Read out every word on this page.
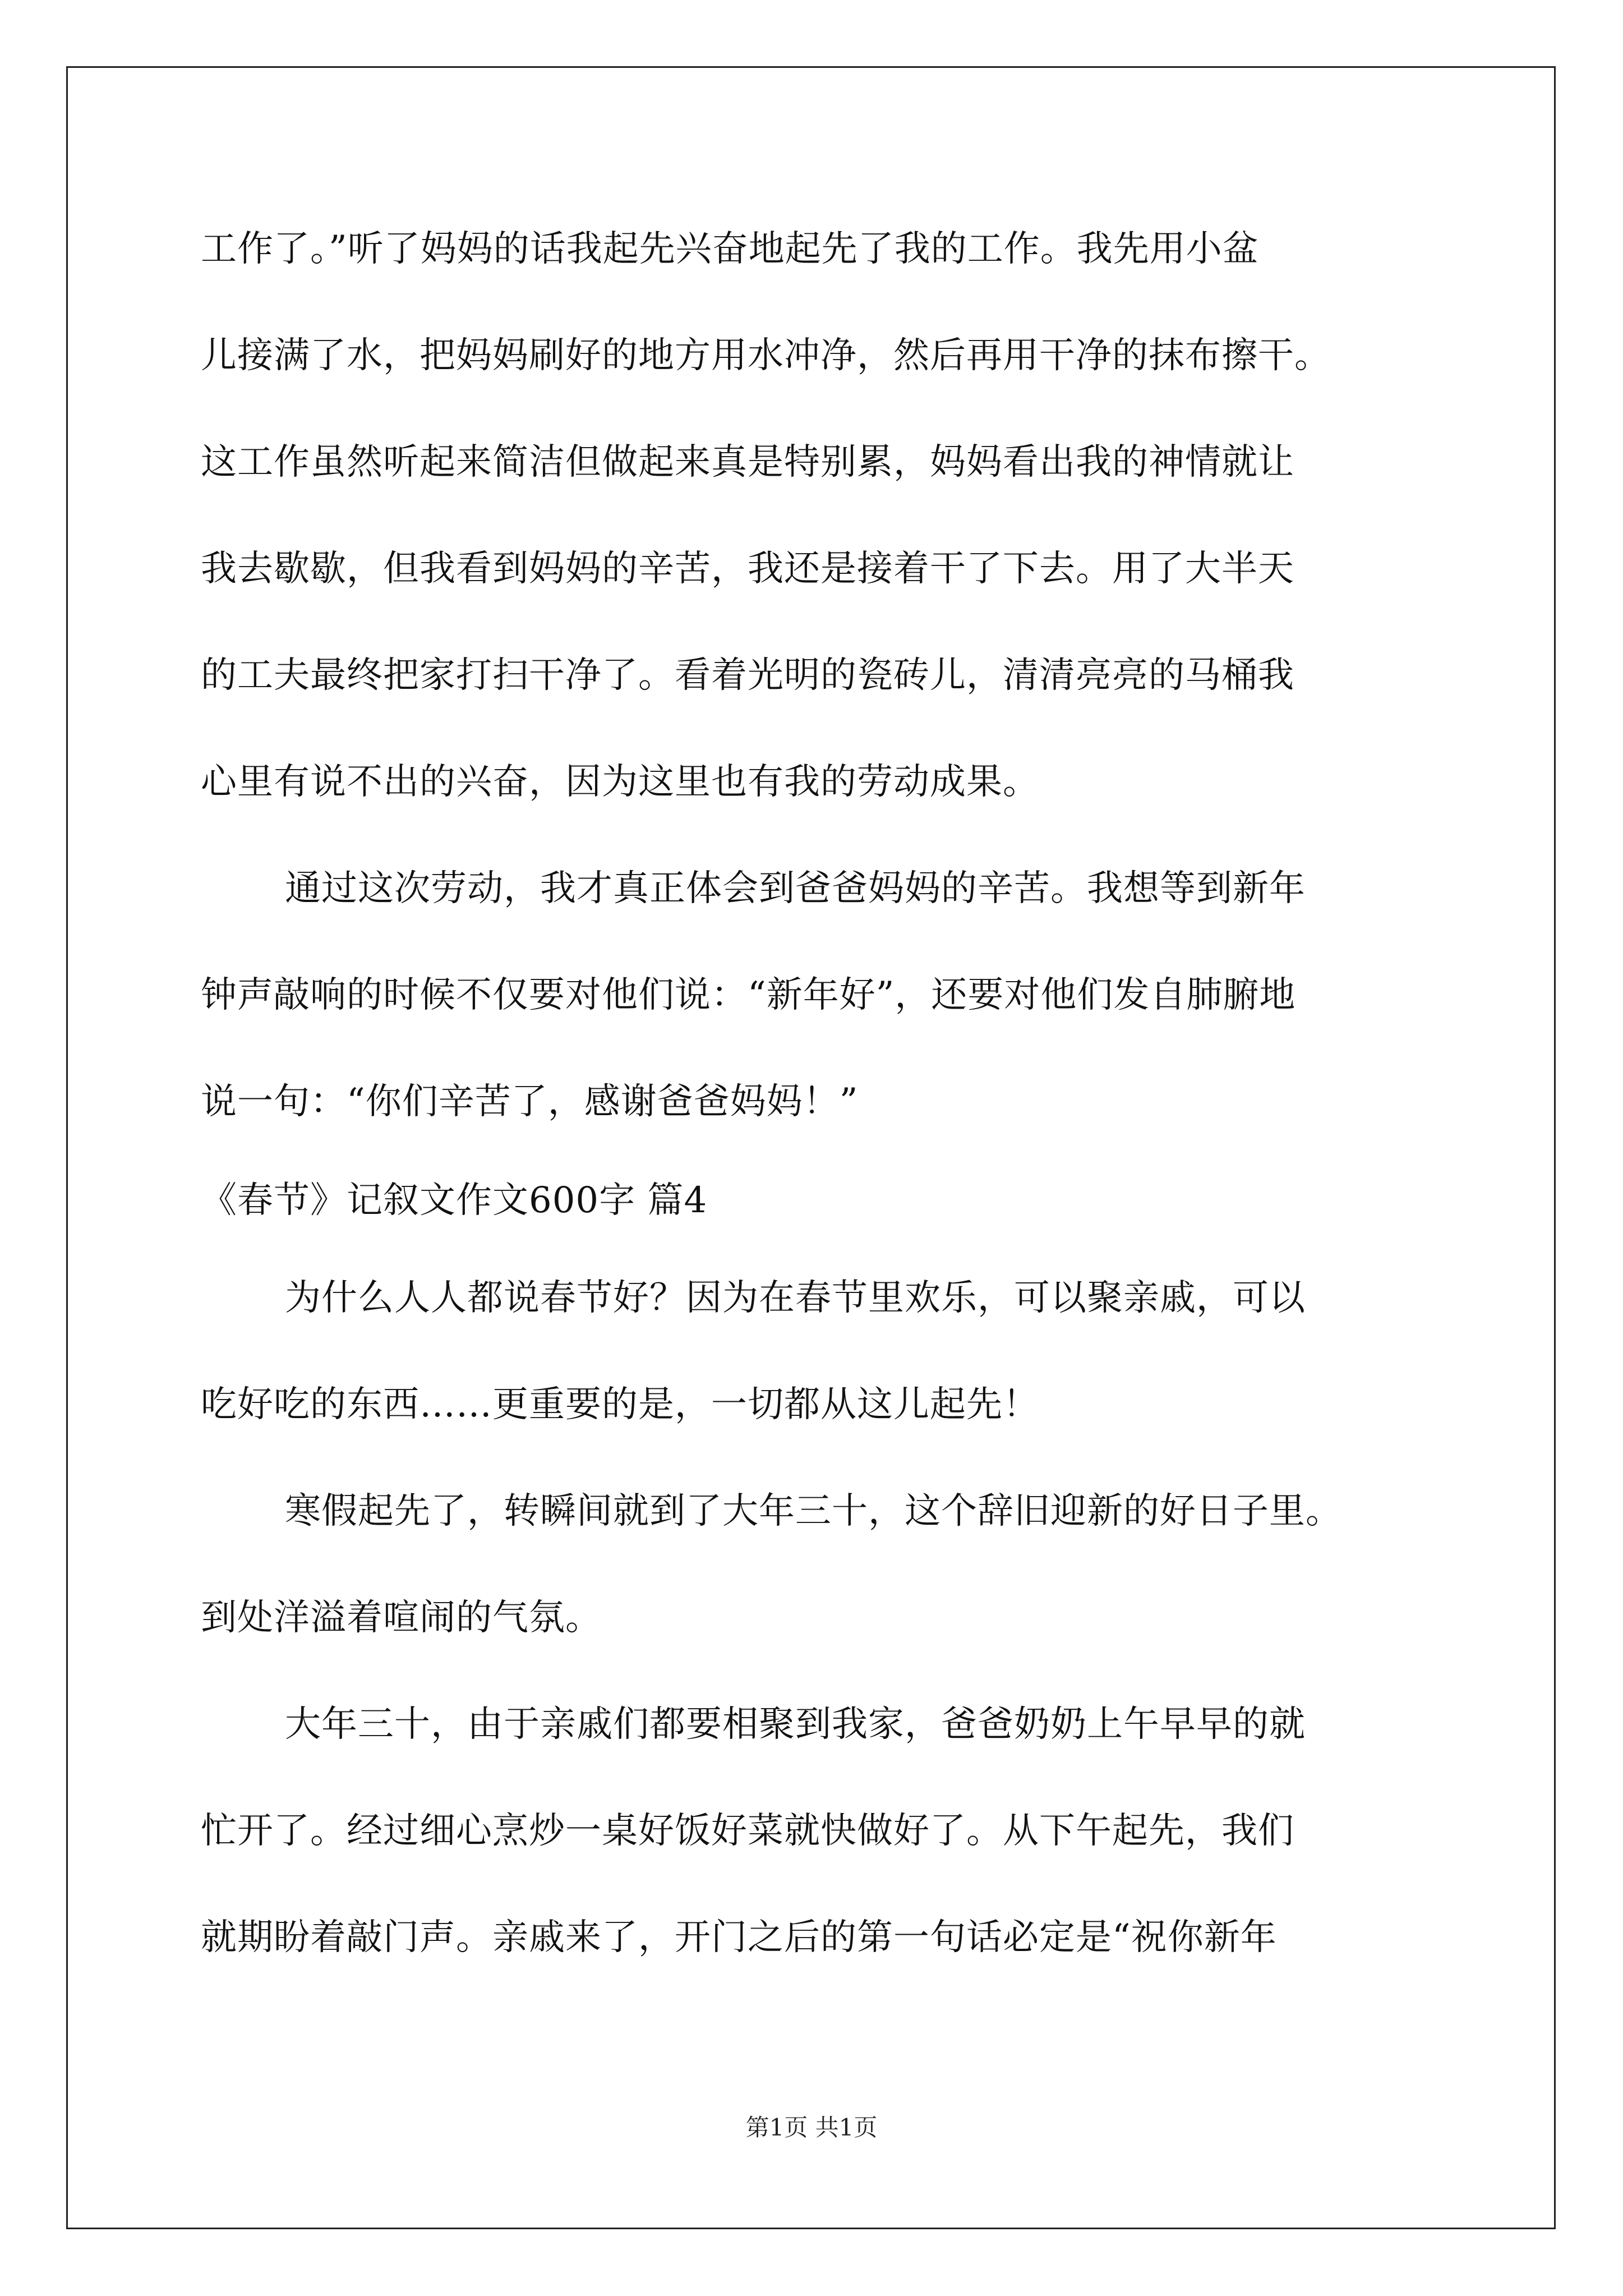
工作了。”听了妈妈的话我起先兴奋地起先了我的工作。我先用小盆
儿接满了水，把妈妈刷好的地方用水冲净，然后再用干净的抹布擦干。
这工作虽然听起来简洁但做起来真是特别累，妈妈看出我的神情就让
我去歇歇，但我看到妈妈的辛苦，我还是接着干了下去。用了大半天
的工夫最终把家打扫干净了。看着光明的瓷砖儿，清清亮亮的马桶我
心里有说不出的兴奋，因为这里也有我的劳动成果。
通过这次劳动，我才真正体会到爸爸妈妈的辛苦。我想等到新年
钟声敲响的时候不仅要对他们说：“新年好”，还要对他们发自肺腑地
说一句：“你们辛苦了，感谢爸爸妈妈！”
《春节》记叙文作文600字 篇4
为什么人人都说春节好？因为在春节里欢乐，可以聚亲戚，可以
吃好吃的东西……更重要的是，一切都从这儿起先！
寒假起先了，转瞬间就到了大年三十，这个辞旧迎新的好日子里。
到处洋溢着喧闹的气氛。
大年三十，由于亲戚们都要相聚到我家，爸爸奶奶上午早早的就
忙开了。经过细心烹炒一桌好饭好菜就快做好了。从下午起先，我们
就期盼着敲门声。亲戚来了，开门之后的第一句话必定是“祝你新年
第1页 共1页
